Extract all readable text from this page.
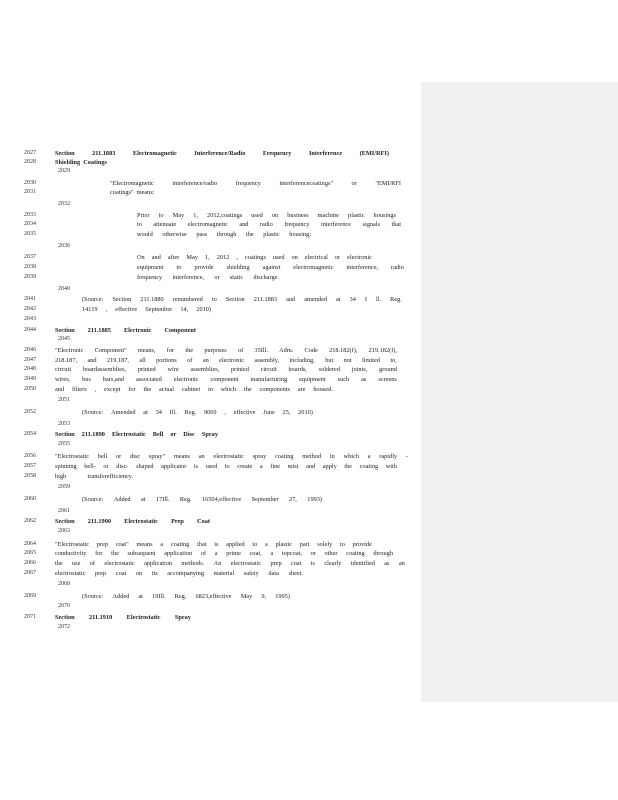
2027	Section	211.1883	Electromagnetic	Interference/Radio	Frequency	Interference	(EMI/RFI)
2028	Shielding Coatings
2029
2030	"Electromagnetic	interference/radio	frequency	interferencecoatings"	or	"EMI/RFI
2031	coatings" means:
2032
2033	Prior to May 1, 2012,coatings used on business machine plastic housings
2034	to attenuate electromagnetic and radio frequency interference signals that
2035	would otherwise pass through the plastic housing;
2036
2037	On and after May 1, 2012 , coatings used on electrical or electronic
2038	equipment to provide shielding against electromagnetic interference, radio
2039	frequency interference, or static discharge.
2040
2041	(Source: Section 211.1880 renumbered to Section 211.1883 and amended at 34 I ll. Reg.
2042	14119 , effective September 14, 2010)
2043
2044	Section 211.1885 Electronic Component
2045
2046	"Electronic Component" means, for the purposes of 35Ill. Adm. Code 218.182(f), 219.182(f),
2047	218.187, and 219.187, all portions of an electronic assembly, including, but not limited to,
2048	circuit boardassemblies, printed wire assemblies, printed circuit boards, soldered joints, ground
2049	wires, bus bars,and associated electronic component manufacturing equipment such as screens
2050	and filters , except for the actual cabinet in which the components are housed.
2051
2052	(Source: Amended at 34 Ill. Reg. 9069 , effective June 25, 2010)
2053
2054	Section 211.1890 Electrostatic Bell or Disc Spray
2055
2056	"Electrostatic bell or disc spray" means an electrostatic spray coating method in which a rapidly -
2057	spinning bell- or disc- shaped applicator is used to create a fine mist and apply the coating with
2058	high	transferefficiency.
2059
2060	(Source: Added at 17Ill. Reg. 16504,effective September 27, 1993)
2061
2062	Section 211.1900 Electrostatic Prep Coat
2063
2064	"Electrostatic prep coat" means a coating that is applied to a plastic part solely to provide
2065	conductivity for the subsequent application of a prime coat, a topcoat, or other coating through
2066	the use of electrostatic application methods. An electrostatic prep coat is clearly identified as an
2067	electrostatic prep coat on its accompanying material safety data sheet.
2068
2069	(Source: Added at 19Ill. Reg. 6823,effective May 9, 1995)
2070
2071	Section 211.1910 Electrostatic Spray
2072
